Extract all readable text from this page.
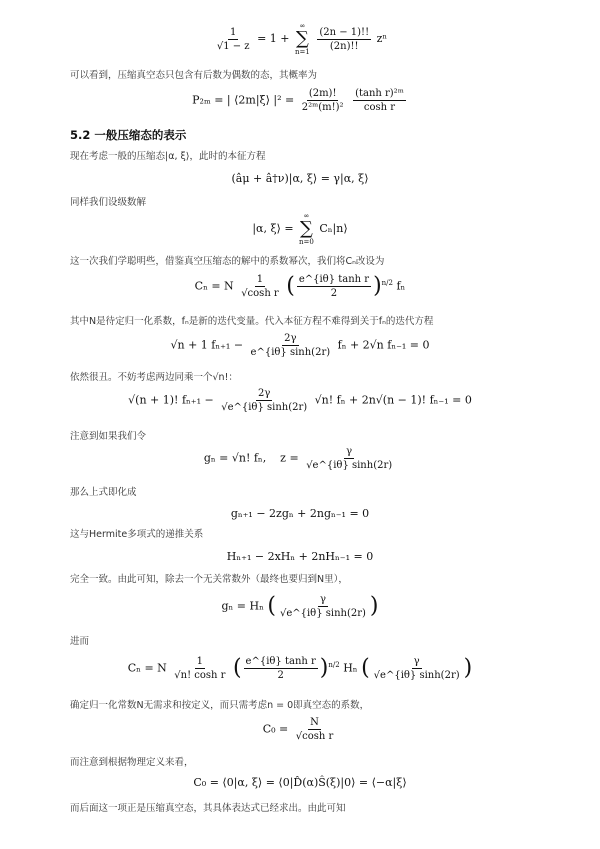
$\frac{1}{√1 - z} = 1$ +
∞
∑
n=1

$\frac{(2n - 1)!!}{(2n)!!}$ zⁿ
可以看到，压缩真空态只包含有后数为偶数的态，其概率为
P₂ₘ = | ⟨2m|ξ⟩ $|^2 = \frac{(2m)!}{\text{2²ᵐ(m!)²}}$
$\frac{\text{(tanh r)²ᵐ}}{\text{cosh r}}$
5.2 一般压缩态的表示
现在考虑一般的压缩态|α, ξ⟩，此时的本征方程
(âμ + â†ν)|α, ξ⟩ = γ|α, ξ⟩
同样我们设级数解
|α, ξ⟩ =
∞
∑
n=0
Cₙ|n⟩
这一次我们学聪明些，借鉴真空压缩态的解中的系数幂次，我们将Cₙ改设为
Cₙ = N $\frac{1}{\text{√cosh r}}$ ( $\frac{\text{e\textasciicircum{}\{iθ\} tanh r}}{2} )^{n/2}$ fₙ
其中N是待定归一化系数，fₙ是新的迭代变量。代入本征方程不难得到关于fₙ的迭代方程
√n + 1 $f_{n+1} - \frac{2\gamma}{e\^{}\{i\theta\} \sinh(2r)}$ fₙ + 2√n fₙ₋₁ = 0
依然很丑。不妨考虑两边同乘一个√n!：
√(n + 1)! $f_{n+1} - \frac{2\gamma}{√e\^{}\{i\theta\} \sinh(2r)} √n$! fₙ + 2n√(n − 1)! fₙ₋₁ = 0
注意到如果我们令
gₙ = √n! fₙ,    $z = \frac{\gamma}{√e\^{}\{i\theta\} \sinh(2r)}$
那么上式即化成
gₙ₊₁ − 2zgₙ + 2ngₙ₋₁ = 0
这与Hermite多项式的递推关系
Hₙ₊₁ − 2xHₙ + 2nHₙ₋₁ = 0
完全一致。由此可知，除去一个无关常数外（最终也要归到N里），
gₙ = Hₙ ( $\frac{\gamma}{√e\^{}\{i\theta\} \sinh(2r)}$ )
进而
Cₙ = N $\frac{1}{\text{√n! cosh r}}$ ( $\frac{\text{e\textasciicircum{}\{iθ\} tanh r}}{2} )^{n/2}$ Hₙ ( $\frac{\gamma}{√e\^{}\{i\theta\} \sinh(2r)}$ )
确定归一化常数N无需求和按定义，而只需考虑n = 0即真空态的系数，
$C_0 = \frac{N}{\text{√cosh r}}$
而注意到根据物理定义来看，
C₀ = ⟨0|α, ξ⟩ = ⟨0|D̂(α)Ŝ(ξ)|0⟩ = ⟨−α|ξ⟩
而后面这一项正是压缩真空态，其具体表达式已经求出。由此可知
